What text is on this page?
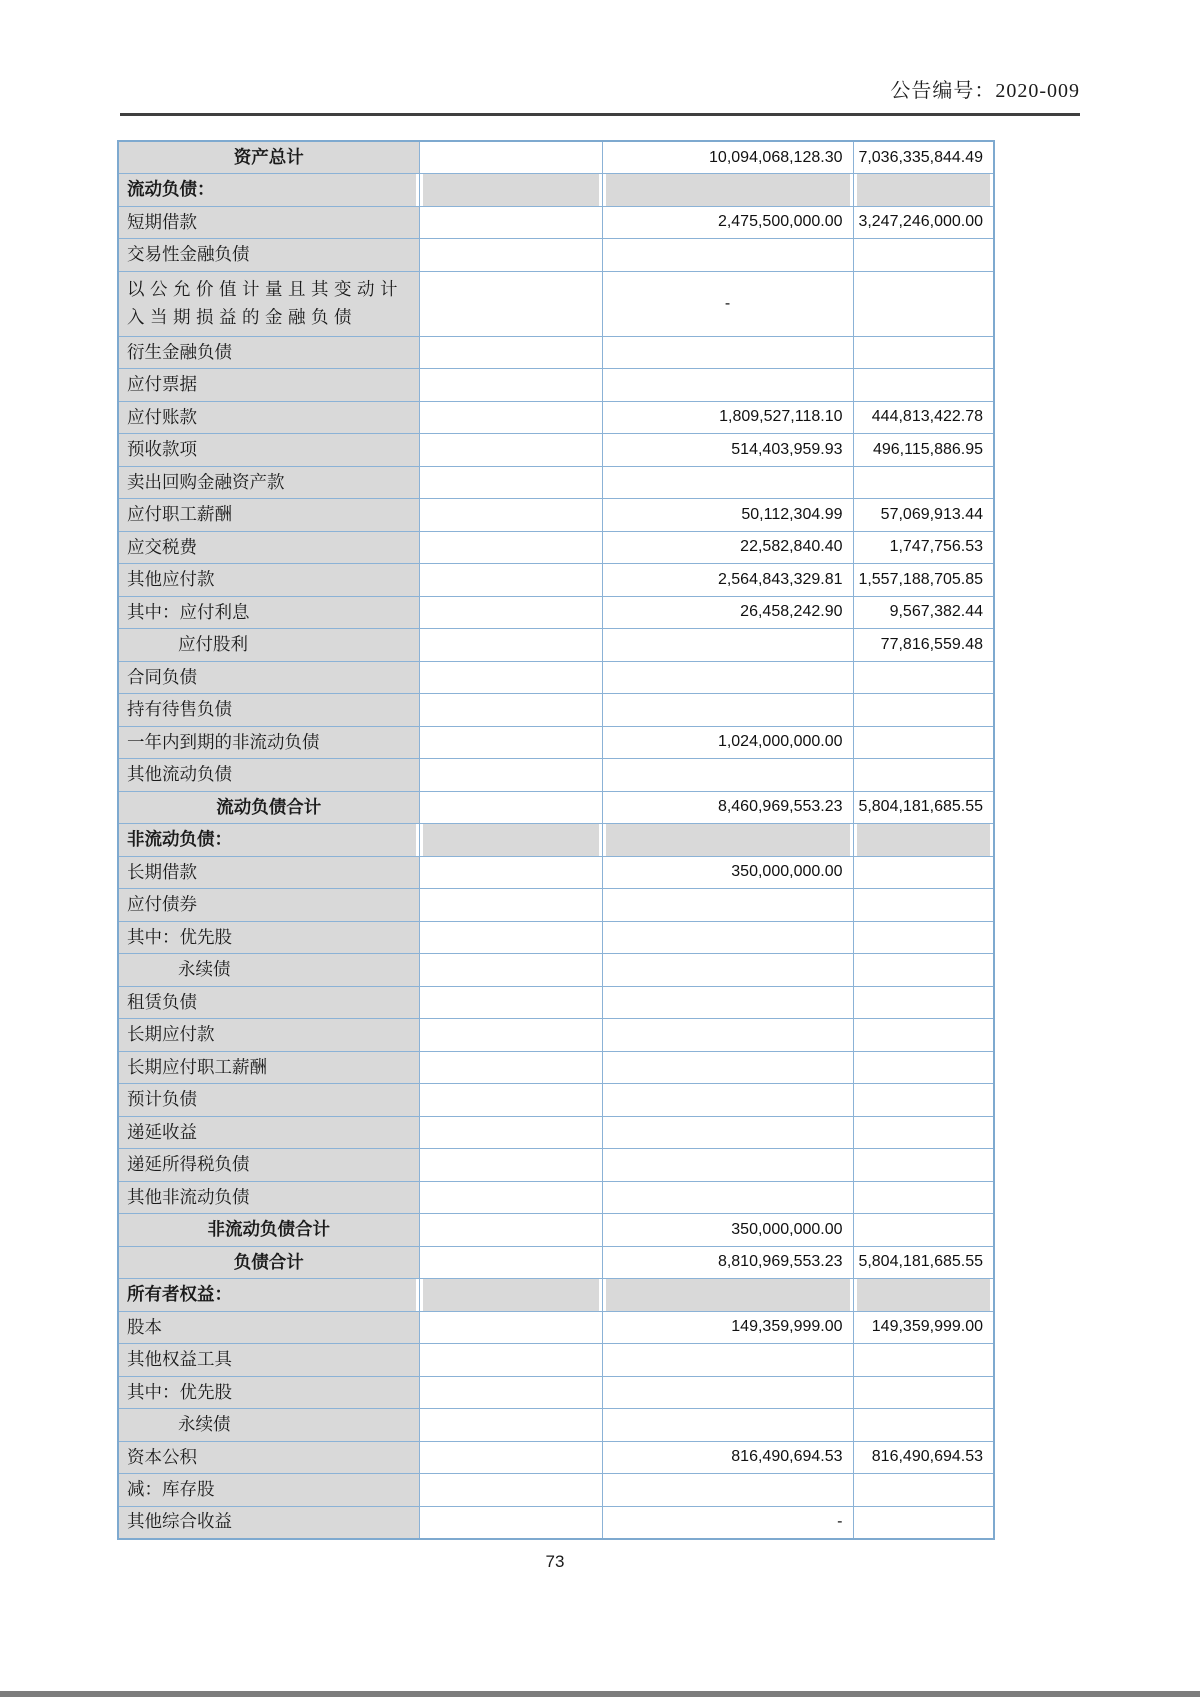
公告编号：2020-009
资产总计		10,094,068,128.30	7,036,335,844.49
流动负债：			
短期借款		2,475,500,000.00	3,247,246,000.00
交易性金融负债			
以公允价值计量且其变动计入当期损益的金融负债		-	
衍生金融负债			
应付票据			
应付账款		1,809,527,118.10	444,813,422.78
预收款项		514,403,959.93	496,115,886.95
卖出回购金融资产款			
应付职工薪酬		50,112,304.99	57,069,913.44
应交税费		22,582,840.40	1,747,756.53
其他应付款		2,564,843,329.81	1,557,188,705.85
其中：应付利息		26,458,242.90	9,567,382.44
应付股利			77,816,559.48
合同负债			
持有待售负债			
一年内到期的非流动负债		1,024,000,000.00	
其他流动负债			
流动负债合计		8,460,969,553.23	5,804,181,685.55
非流动负债：			
长期借款		350,000,000.00	
应付债券			
其中：优先股			
永续债			
租赁负债			
长期应付款			
长期应付职工薪酬			
预计负债			
递延收益			
递延所得税负债			
其他非流动负债			
非流动负债合计		350,000,000.00	
负债合计		8,810,969,553.23	5,804,181,685.55
所有者权益：			
股本		149,359,999.00	149,359,999.00
其他权益工具			
其中：优先股			
永续债			
资本公积		816,490,694.53	816,490,694.53
减：库存股			
其他综合收益		-	
73
